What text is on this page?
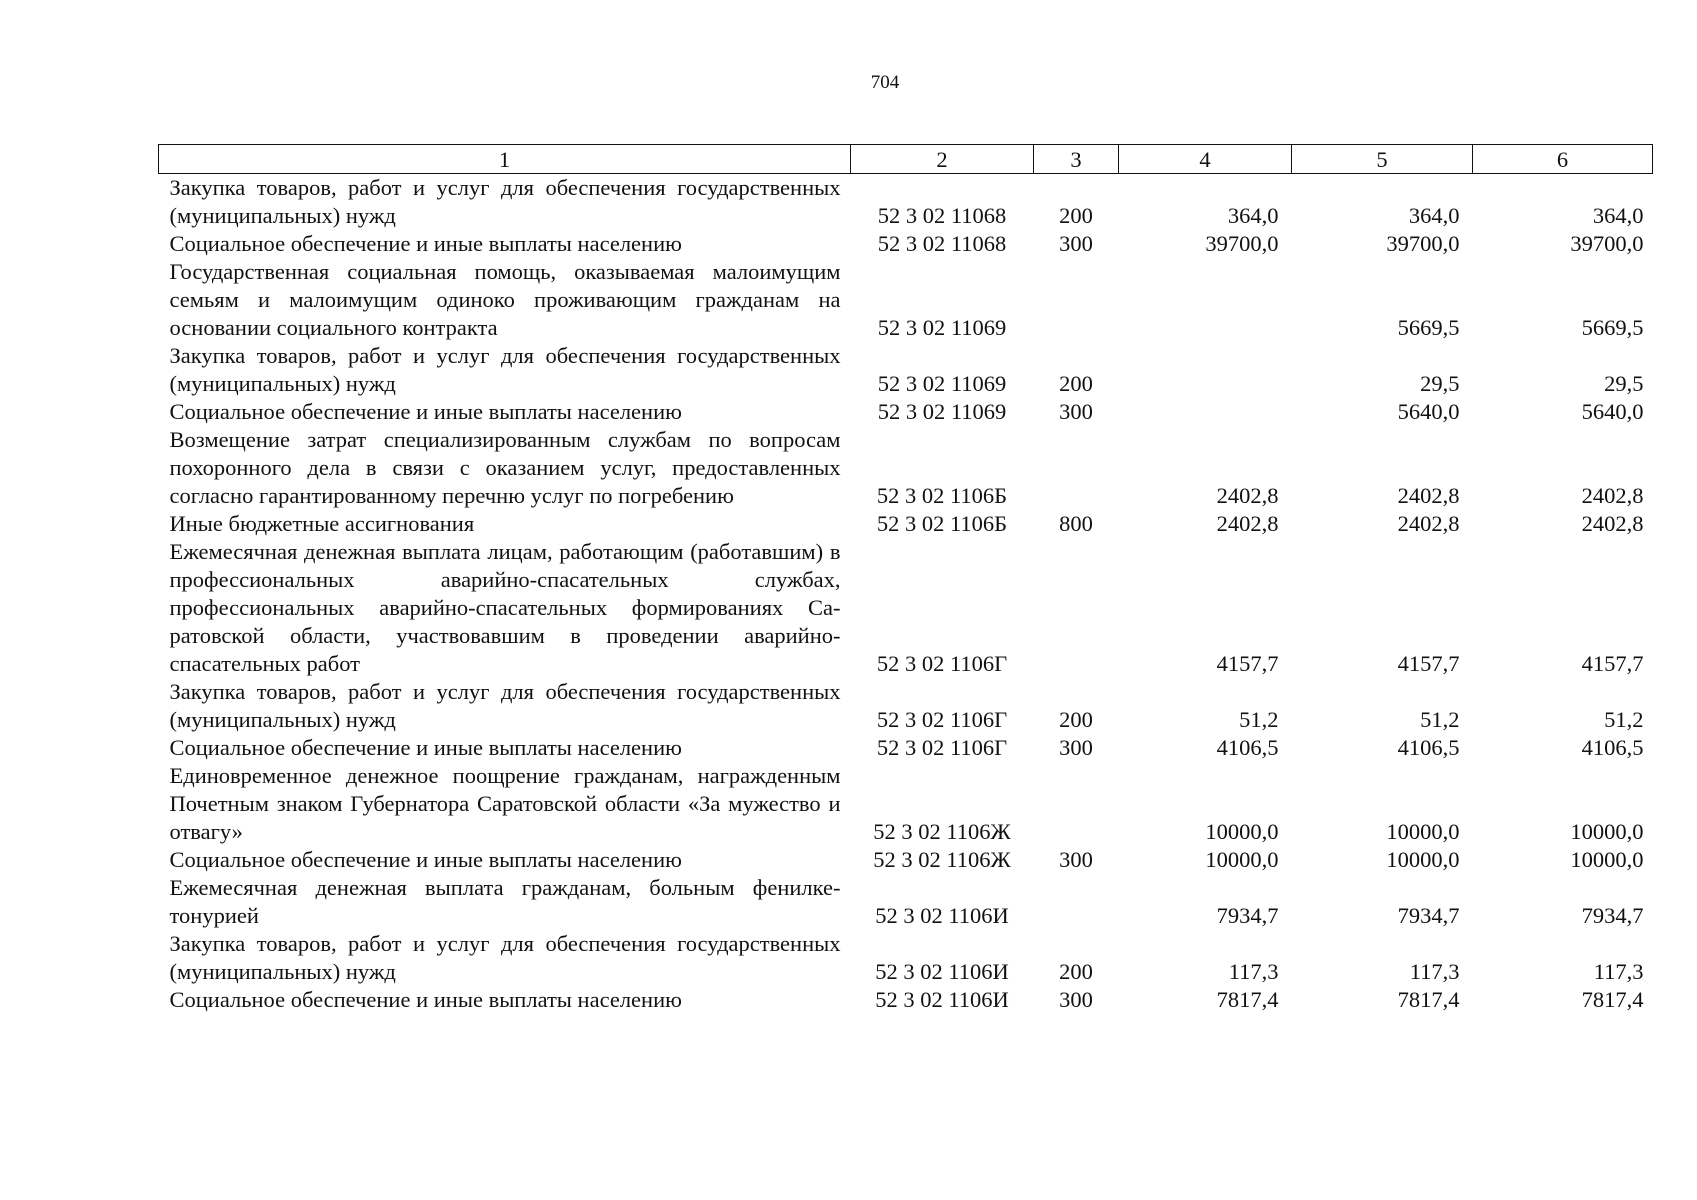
704
1	2	3	4	5	6
Закупка товаров, работ и услуг для обеспечения государственных (муниципальных) нужд	52 3 02 11068	200	364,0	364,0	364,0
Социальное обеспечение и иные выплаты населению	52 3 02 11068	300	39700,0	39700,0	39700,0
Государственная социальная помощь, оказываемая малоимущим семьям и малоимущим одиноко проживающим гражданам на основании социального контракта	52 3 02 11069			5669,5	5669,5
Закупка товаров, работ и услуг для обеспечения государственных (муниципальных) нужд	52 3 02 11069	200		29,5	29,5
Социальное обеспечение и иные выплаты населению	52 3 02 11069	300		5640,0	5640,0
Возмещение затрат специализированным службам по вопросам похоронного дела в связи с оказанием услуг, предоставленных согласно гарантированному перечню услуг по погребению	52 3 02 1106Б		2402,8	2402,8	2402,8
Иные бюджетные ассигнования	52 3 02 1106Б	800	2402,8	2402,8	2402,8
Ежемесячная денежная выплата лицам, работающим (работавшим) в профессиональных аварийно-спасательных службах, профессиональных аварийно-спасательных формированиях Саратовской области, участвовавшим в проведении аварийно-спасательных работ	52 3 02 1106Г		4157,7	4157,7	4157,7
Закупка товаров, работ и услуг для обеспечения государственных (муниципальных) нужд	52 3 02 1106Г	200	51,2	51,2	51,2
Социальное обеспечение и иные выплаты населению	52 3 02 1106Г	300	4106,5	4106,5	4106,5
Единовременное денежное поощрение гражданам, награжденным Почетным знаком Губернатора Саратовской области «За мужество и отвагу»	52 3 02 1106Ж		10000,0	10000,0	10000,0
Социальное обеспечение и иные выплаты населению	52 3 02 1106Ж	300	10000,0	10000,0	10000,0
Ежемесячная денежная выплата гражданам, больным фенилкетонурией	52 3 02 1106И		7934,7	7934,7	7934,7
Закупка товаров, работ и услуг для обеспечения государственных (муниципальных) нужд	52 3 02 1106И	200	117,3	117,3	117,3
Социальное обеспечение и иные выплаты населению	52 3 02 1106И	300	7817,4	7817,4	7817,4
